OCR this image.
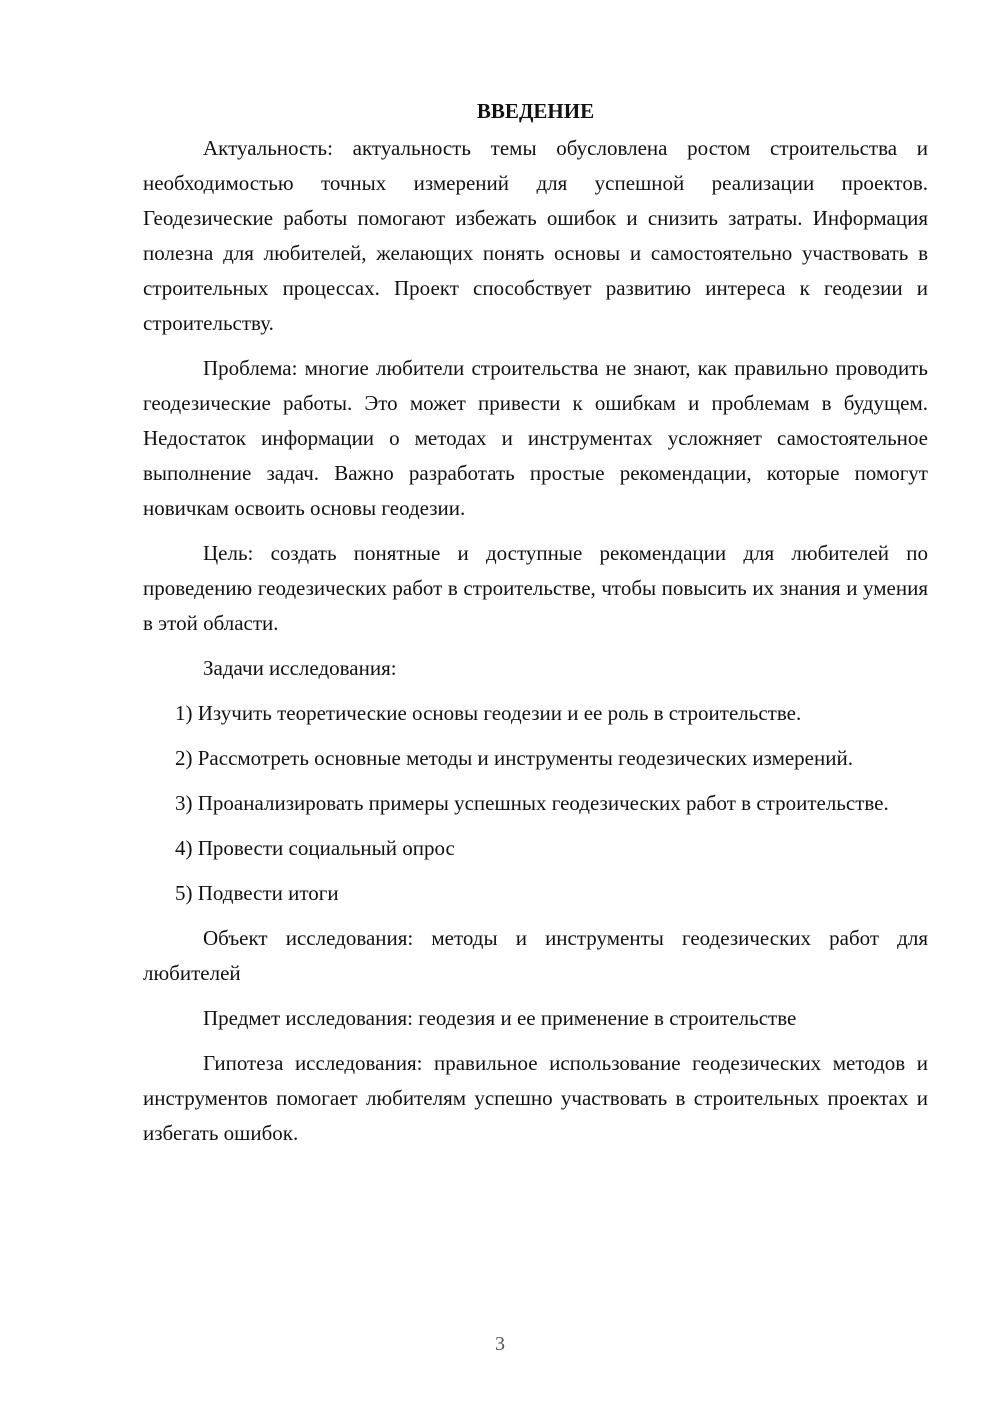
ВВЕДЕНИЕ

Актуальность: актуальность темы обусловлена ростом строительства и необходимостью точных измерений для успешной реализации проектов. Геодезические работы помогают избежать ошибок и снизить затраты. Информация полезна для любителей, желающих понять основы и самостоятельно участвовать в строительных процессах. Проект способствует развитию интереса к геодезии и строительству.

Проблема: многие любители строительства не знают, как правильно проводить геодезические работы. Это может привести к ошибкам и проблемам в будущем. Недостаток информации о методах и инструментах усложняет самостоятельное выполнение задач. Важно разработать простые рекомендации, которые помогут новичкам освоить основы геодезии.

Цель: создать понятные и доступные рекомендации для любителей по проведению геодезических работ в строительстве, чтобы повысить их знания и умения в этой области.

Задачи исследования:

1) Изучить теоретические основы геодезии и ее роль в строительстве.

2) Рассмотреть основные методы и инструменты геодезических измерений.

3) Проанализировать примеры успешных геодезических работ в строительстве.

4) Провести социальный опрос

5) Подвести итоги

Объект исследования: методы и инструменты геодезических работ для любителей

Предмет исследования: геодезия и ее применение в строительстве

Гипотеза исследования: правильное использование геодезических методов и инструментов помогает любителям успешно участвовать в строительных проектах и избегать ошибок.

3
